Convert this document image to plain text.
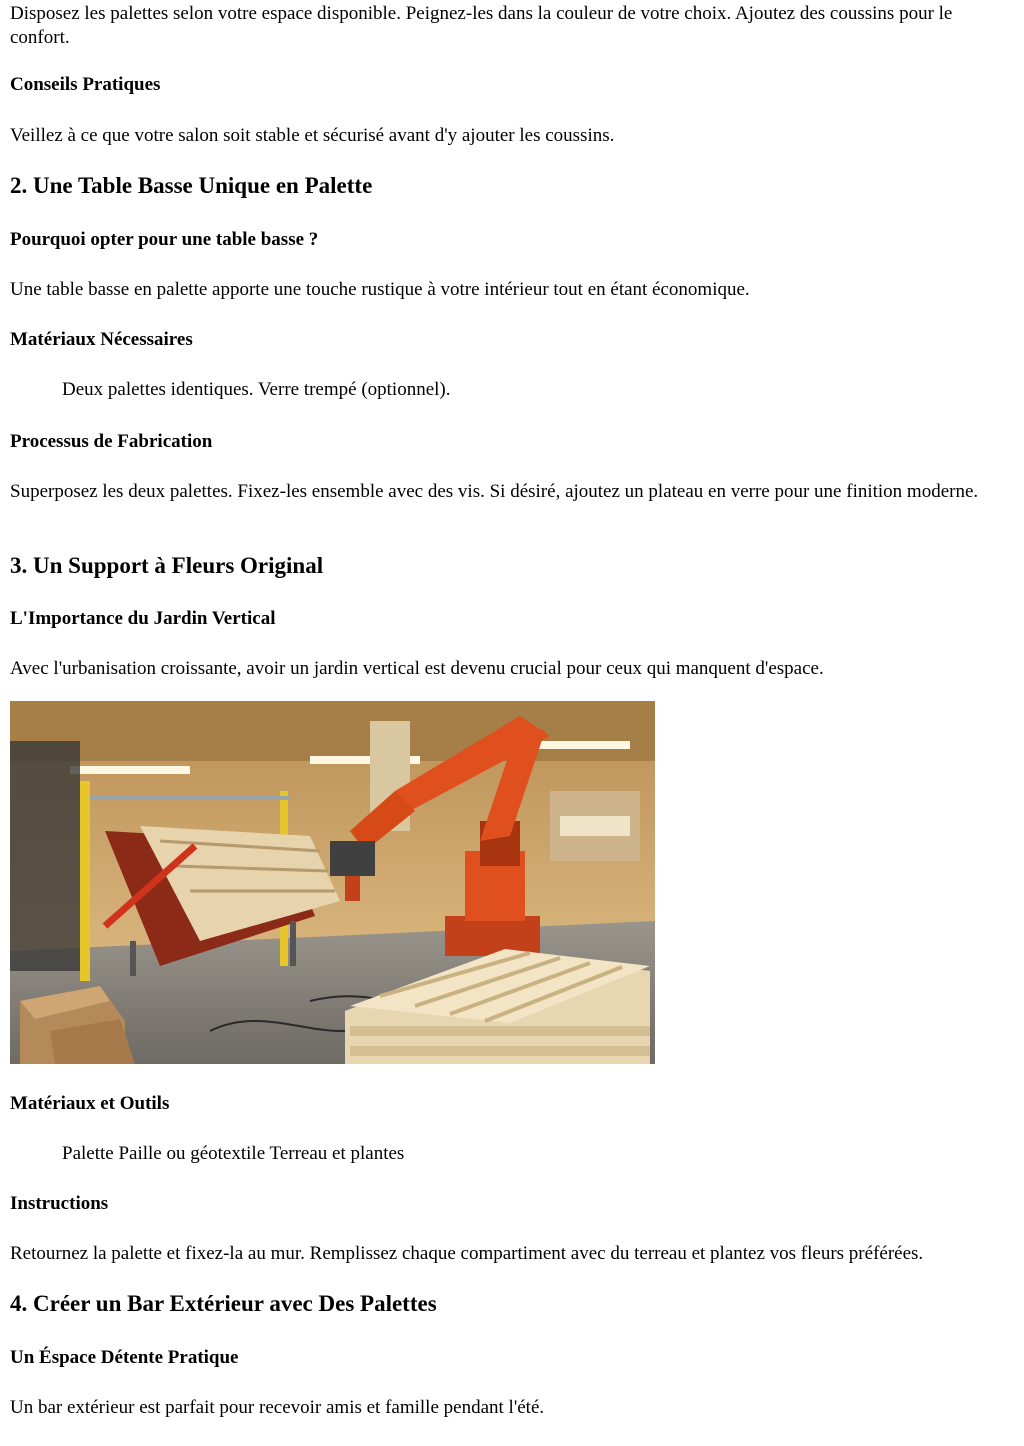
Disposez les palettes selon votre espace disponible. Peignez-les dans la couleur de votre choix. Ajoutez des coussins pour le confort.

Conseils Pratiques

Veillez à ce que votre salon soit stable et sécurisé avant d'y ajouter les coussins.

2. Une Table Basse Unique en Palette
Pourquoi opter pour une table basse ?

Une table basse en palette apporte une touche rustique à votre intérieur tout en étant économique.

Matériaux Nécessaires

Deux palettes identiques. Verre trempé (optionnel).

Processus de Fabrication

Superposez les deux palettes. Fixez-les ensemble avec des vis. Si désiré, ajoutez un plateau en verre pour une finition moderne.

3. Un Support à Fleurs Original
L'Importance du Jardin Vertical

Avec l'urbanisation croissante, avoir un jardin vertical est devenu crucial pour ceux qui manquent d'espace.

Matériaux et Outils

Palette Paille ou géotextile Terreau et plantes

Instructions

Retournez la palette et fixez-la au mur. Remplissez chaque compartiment avec du terreau et plantez vos fleurs préférées.

4. Créer un Bar Extérieur avec Des Palettes
Un Éspace Détente Pratique

Un bar extérieur est parfait pour recevoir amis et famille pendant l'été.
